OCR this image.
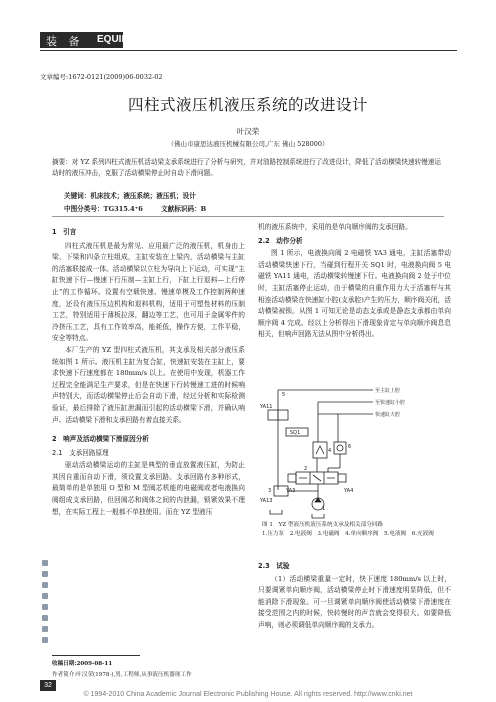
装 备 EQUIPMENT
文章编号:1672-0121(2009)06-0032-02
四柱式液压机液压系统的改进设计
叶汉荣
（佛山市康思达液压机械有限公司,广东 佛山 528000）
摘要：对 YZ 系列四柱式液压机活动梁支承系统进行了分析与研究，并对油路控制系统进行了改进设计，降低了活动横梁快速转慢速运动时的液压冲击，克服了活动横梁停止时自动下滑问题。
关键词：机床技术；液压系统；液压机；设计
中图分类号：TG315.4⁺6	文献标识码：B
1　引言

四柱式液压机是最为常见、应用最广泛的液压机，机身由上梁、下梁和四条立柱组成，主缸安装在上梁内，活动横梁与主缸的活塞联接成一体。活动横梁以立柱为导向上下运动，可实现“主缸快速下行—慢速下行压制—主缸上行，下缸上行退料—上行停止”的工作循环。设置有空载快速、慢速单模及工作控制两种速度，还设有液压压边机构和退料机构，适用于可塑性材料的压制工艺，特别适用于薄板拉深，翻边等工艺，也可用于金属零件的冷挤压工艺，具有工作效率高，能耗低，操作方便，工作平稳，安全等特点。

本厂生产的 YZ 型四柱式液压机，其支承及相关部分液压系统如图 1 所示。液压机主缸为复合缸，快速缸安装在主缸上，要求快速下行速度都在 180mm/s 以上。在使用中发现，机器工作过程完全能满足生产要求，但是在快速下行转慢速工进的时候响声特别大，而活动横梁停止后会自动下滑，经过分析和实际检测验证，最后排除了液压缸泄漏而引起的活动横梁下滑，并确认响声、活动横梁下滑和支承回路有着直接关系。

2　响声及活动横梁下滑原因分析
2.1　支承回路原理

驱动活动横梁运动的主缸是典型的垂直放置液压缸，为防止其因自重而自动下滑，须设置支承回路。支承回路有多种形式，最简单的是单独用 O 型和 M 型阀芯机能的电磁阀或者电液换向阀组成支承回路，但回阀芯和阀体之间的内泄漏，锁紧效果不理想，在实际工程上一般都不单独使用。而在 YZ 型液压

机的液压系统中，采用的是单向顺序阀的支承回路。

2.2　动作分析

图 1 所示，电液换向阀 2 电磁铁 YA3 通电，主缸活塞带动活动横梁快速下行，当碰到行程开关 SQ1 时，电液换向阀 5 电磁铁 YA11 通电，活动横梁转慢速下行。电液换向阀 2 处于中位时，主缸活塞停止运动，由于横梁的自重作用力大于活塞杆与其相连活动横梁在快速缸小腔(支承腔)产生的压力，顺序阀关闭，活动横梁被锁。从图 1 可知无论是动态支承或是静态支承都由单向顺序阀 4 完成。经以上分析得出下滑现象肯定与单向顺序阀息息相关，但响声回路无法从图中分析得出。

至主缸上腔
至快速缸小腔
快速缸大腔
YA11
SQ1
YA13
YA3	YA4
1
2
3
4
5
6
图 1　YZ 型液压机液压系统支承及相关部分回路
1.压力泵　2.电液阀　3.电磁阀　4.单向顺序阀　5.电液阀　6.充液阀
2.3　试验

（1）活动横梁重量一定时，快下速度 180mm/s 以上时，只要调紧单向顺序阀，活动横梁停止时下滑速度明显降低，但不能消除下滑现象。可一旦调紧单向顺序阀使活动横梁下滑速度在接受范围之内的时候，快转慢时的声音就会变得很大。如要降低声响，则必须调低单向顺序阀的支承力。

收稿日期:2009-08-11
作者简介:叶汉荣(1978-),男,工程师,从事液压机器现工作
32
© 1994-2010 China Academic Journal Electronic Publishing House. All rights reserved. http://www.cnki.net
